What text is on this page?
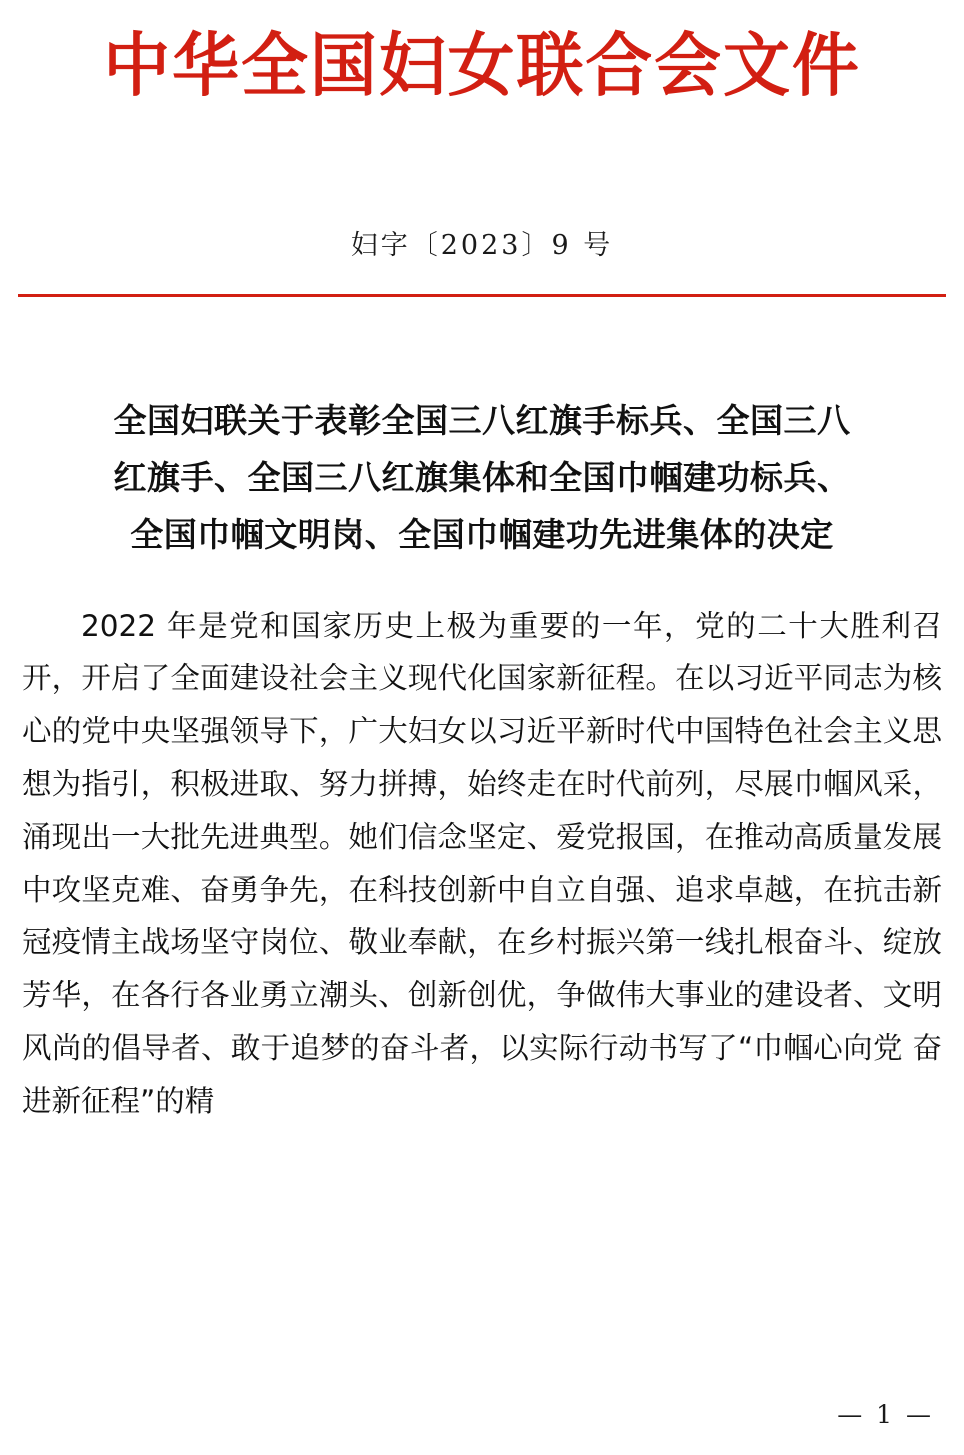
中华全国妇女联合会文件
妇字〔2023〕9 号
全国妇联关于表彰全国三八红旗手标兵、全国三八
红旗手、全国三八红旗集体和全国巾帼建功标兵、
全国巾帼文明岗、全国巾帼建功先进集体的决定

2022 年是党和国家历史上极为重要的一年，党的二十大胜利召开，开启了全面建设社会主义现代化国家新征程。在以习近平同志为核心的党中央坚强领导下，广大妇女以习近平新时代中国特色社会主义思想为指引，积极进取、努力拼搏，始终走在时代前列，尽展巾帼风采，涌现出一大批先进典型。她们信念坚定、爱党报国，在推动高质量发展中攻坚克难、奋勇争先，在科技创新中自立自强、追求卓越，在抗击新冠疫情主战场坚守岗位、敬业奉献，在乡村振兴第一线扎根奋斗、绽放芳华，在各行各业勇立潮头、创新创优，争做伟大事业的建设者、文明风尚的倡导者、敢于追梦的奋斗者，以实际行动书写了“巾帼心向党 奋进新征程”的精

— 1 —
